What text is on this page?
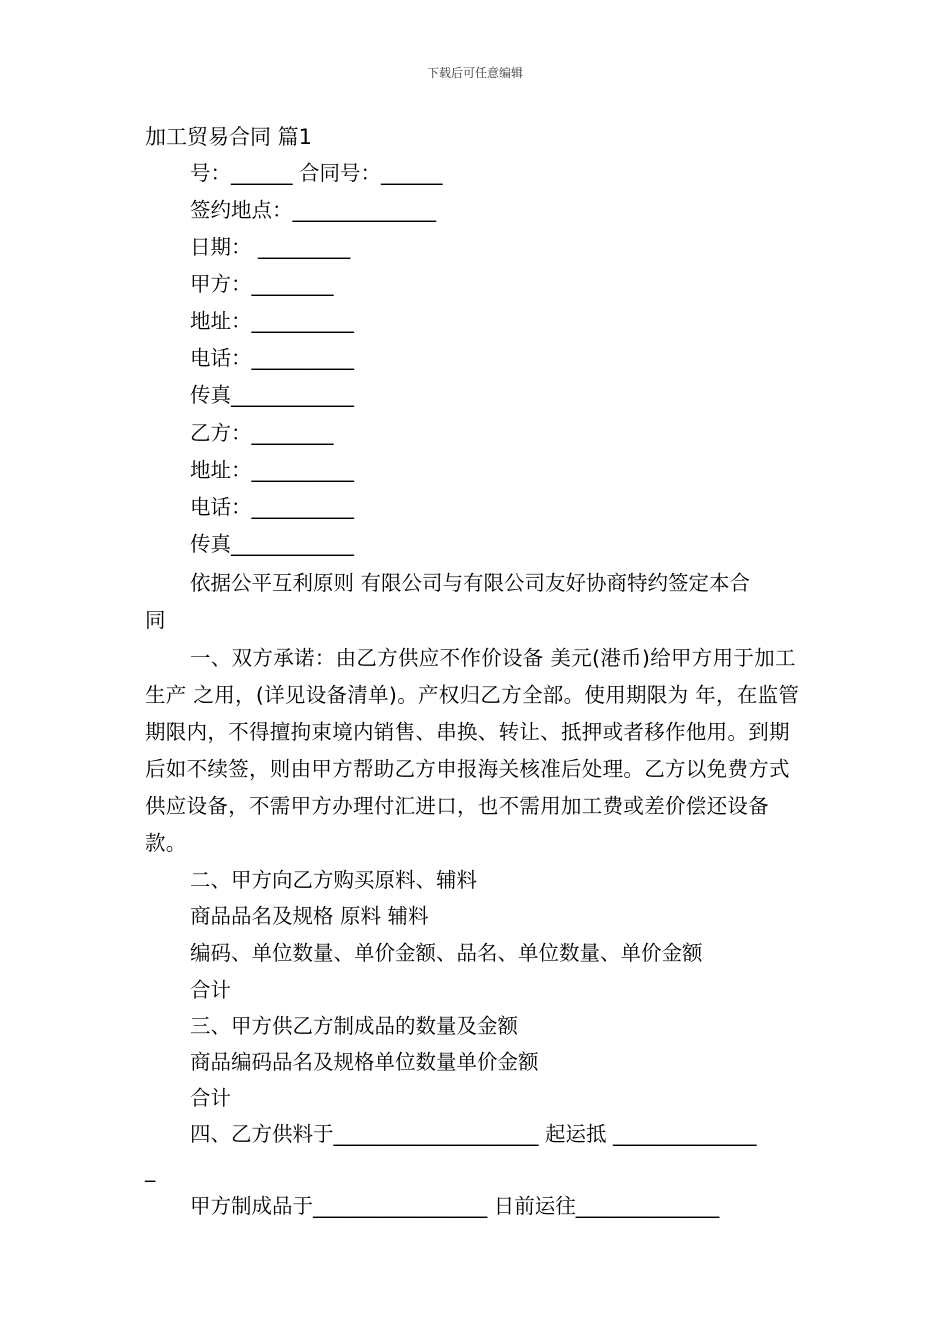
下载后可任意编辑
加工贸易合同 篇1
号：______ 合同号：______
签约地点：______________
日期： _________
甲方：________
地址：__________
电话：__________
传真____________
乙方：________
地址：__________
电话：__________
传真____________
依据公平互利原则 有限公司与有限公司友好协商特约签定本合
同
一、双方承诺：由乙方供应不作价设备 美元(港币)给甲方用于加工生产 之用，(详见设备清单)。产权归乙方全部。使用期限为 年，在监管期限内，不得擅拘束境内销售、串换、转让、抵押或者移作他用。到期后如不续签，则由甲方帮助乙方申报海关核准后处理。乙方以免费方式供应设备，不需甲方办理付汇进口，也不需用加工费或差价偿还设备款。
二、甲方向乙方购买原料、辅料
商品品名及规格 原料 辅料
编码、单位数量、单价金额、品名、单位数量、单价金额
合计
三、甲方供乙方制成品的数量及金额
商品编码品名及规格单位数量单价金额
合计
四、乙方供料于____________________ 起运抵 ______________
_
甲方制成品于_________________ 日前运往______________
